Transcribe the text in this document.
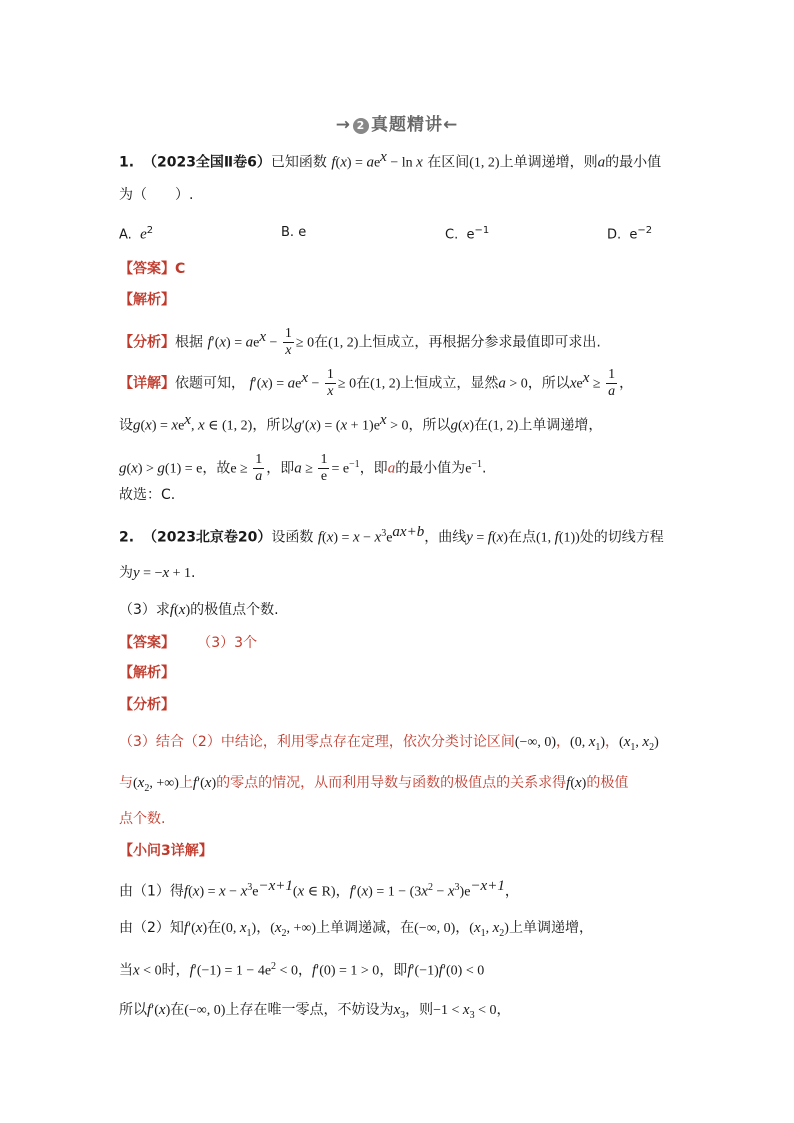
→ 2 真题精讲←
1. （2023全国Ⅱ卷6）已知函数 $f(x) = ae^x - \ln x$ 在区间(1, 2)上单调递增，则a的最小值
为（　　）.
A. $e^2$	B. e	C. $e^{-1}$	D. $e^{-2}$
【答案】C
【解析】
【分析】根据 $f'(x) = ae^x - \frac{1}{x} \ge 0$在(1, 2)上恒成立，再根据分参求最值即可求出.
【详解】依题可知， $f'(x) = ae^x - \frac{1}{x} \ge 0$在(1, 2)上恒成立，显然a > 0，所以$xe^x \ge \frac{1}{a}$ ，
设$g(x) = xe^x$, x ∈ (1, 2)，所以$g'(x) = (x + 1)e^x > 0$，所以g(x)在(1, 2)上单调递增，
g(x) > g(1) = e，故$e \ge \frac{1}{a}$ ，即$a \ge \frac{1}{e} = e^{-1}$，即a的最小值为$e^{-1}$.
故选：C.
2. （2023北京卷20）设函数 $f(x) = x - x^3e^{ax+b}$，曲线y = f(x)在点(1, f(1))处的切线方程
为y = −x + 1.
（3）求f(x)的极值点个数.
【答案】 （3）3个
【解析】
【分析】
（3）结合（2）中结论，利用零点存在定理，依次分类讨论区间(−∞, 0)，(0, $x_1$)，($x_1$, $x_2$)
与($x_2$, +∞)上f′(x)的零点的情况，从而利用导数与函数的极值点的关系求得f(x)的极值
点个数.
【小问3详解】
由（1）得$f(x) = x - x^3e^{-x+1}(x$ ∈ R)，$f'(x) = 1 - (3x^2 - x^3)e^{-x+1}$，
由（2）知f′(x)在(0, $x_1$)，($x_2$, +∞)上单调递减，在(−∞, 0)，($x_1$, $x_2$)上单调递增，
当x < 0时，$f'(-1) = 1 - 4e^2 < 0$，f′(0) = 1 > 0，即f′(−1)f′(0) < 0
所以f′(x)在(−∞, 0)上存在唯一零点，不妨设为$x_3$，则$-1 < x_3 < 0$，
